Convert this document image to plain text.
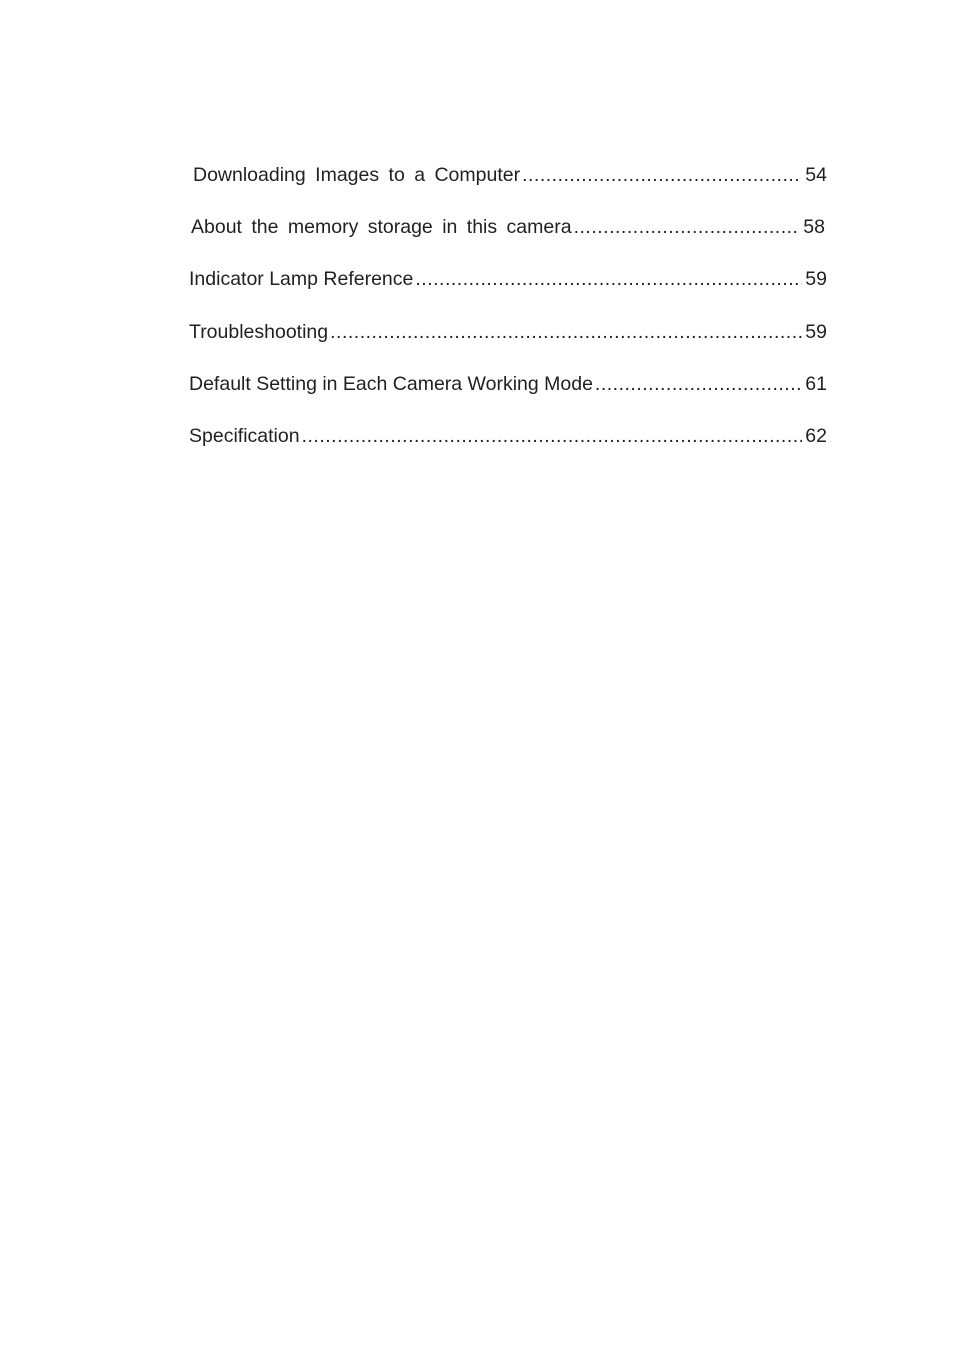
Downloading Images to a Computer .....	54
About the memory storage in this camera .....	58
Indicator Lamp Reference .....	59
Troubleshooting .....	59
Default Setting in Each Camera Working Mode .....	61
Specification .....	62
